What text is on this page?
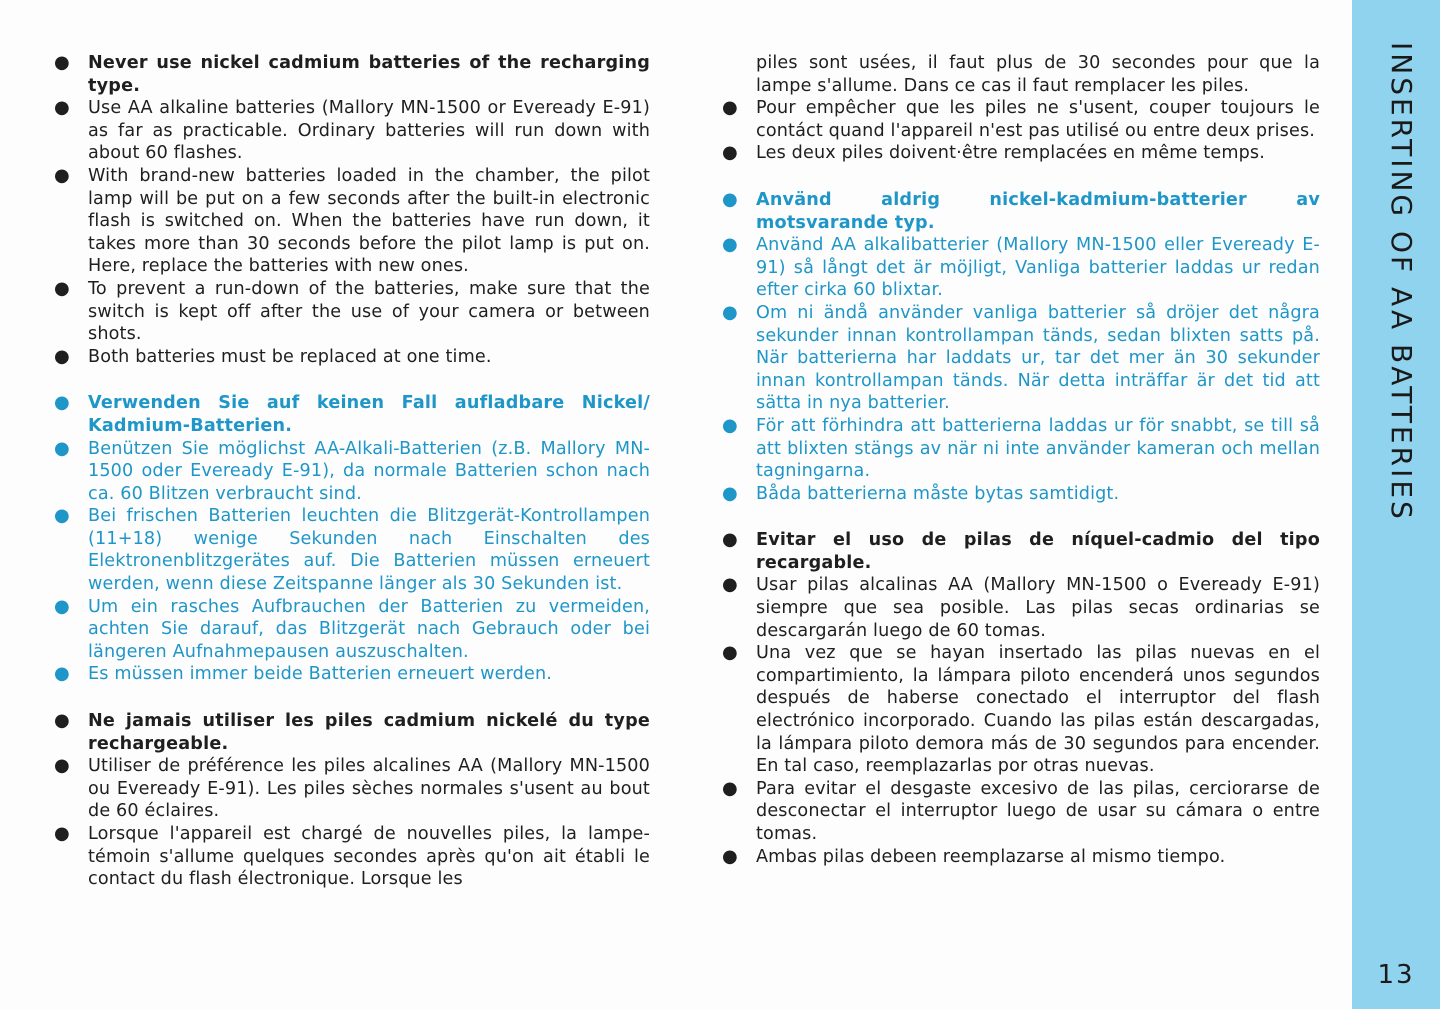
● Never use nickel cadmium batteries of the recharging type.
● Use AA alkaline batteries (Mallory MN-1500 or Eveready E-91) as far as practicable. Ordinary batteries will run down with about 60 flashes.
● With brand-new batteries loaded in the chamber, the pilot lamp will be put on a few seconds after the built-in electronic flash is switched on. When the batteries have run down, it takes more than 30 seconds before the pilot lamp is put on. Here, replace the batteries with new ones.
● To prevent a run-down of the batteries, make sure that the switch is kept off after the use of your camera or between shots.
● Both batteries must be replaced at one time.
● Verwenden Sie auf keinen Fall aufladbare Nickel/ Kadmium-Batterien.
● Benützen Sie möglichst AA-Alkali-Batterien (z.B. Mallory MN-1500 oder Eveready E-91), da normale Batterien schon nach ca. 60 Blitzen verbraucht sind.
● Bei frischen Batterien leuchten die Blitzgerät-Kontrollampen (11+18) wenige Sekunden nach Einschalten des Elektronenblitzgerätes auf. Die Batterien müssen erneuert werden, wenn diese Zeitspanne länger als 30 Sekunden ist.
● Um ein rasches Aufbrauchen der Batterien zu vermeiden, achten Sie darauf, das Blitzgerät nach Gebrauch oder bei längeren Aufnahmepausen auszuschalten.
● Es müssen immer beide Batterien erneuert werden.
● Ne jamais utiliser les piles cadmium nickelé du type rechargeable.
● Utiliser de préférence les piles alcalines AA (Mallory MN-1500 ou Eveready E-91). Les piles sèches normales s'usent au bout de 60 éclaires.
● Lorsque l'appareil est chargé de nouvelles piles, la lampe-témoin s'allume quelques secondes après qu'on ait établi le contact du flash électronique. Lorsque les
piles sont usées, il faut plus de 30 secondes pour que la lampe s'allume. Dans ce cas il faut remplacer les piles.
● Pour empêcher que les piles ne s'usent, couper toujours le contáct quand l'appareil n'est pas utilisé ou entre deux prises.
● Les deux piles doivent·être remplacées en même temps.
● Använd aldrig nickel-kadmium-batterier av motsvarande typ.
● Använd AA alkalibatterier (Mallory MN-1500 eller Eveready E-91) så långt det är möjligt, Vanliga batterier laddas ur redan efter cirka 60 blixtar.
● Om ni ändå använder vanliga batterier så dröjer det några sekunder innan kontrollampan tänds, sedan blixten satts på. När batterierna har laddats ur, tar det mer än 30 sekunder innan kontrollampan tänds. När detta inträffar är det tid att sätta in nya batterier.
● För att förhindra att batterierna laddas ur för snabbt, se till så att blixten stängs av när ni inte använder kameran och mellan tagningarna.
● Båda batterierna måste bytas samtidigt.
● Evitar el uso de pilas de níquel-cadmio del tipo recargable.
● Usar pilas alcalinas AA (Mallory MN-1500 o Eveready E-91) siempre que sea posible. Las pilas secas ordinarias se descargarán luego de 60 tomas.
● Una vez que se hayan insertado las pilas nuevas en el compartimiento, la lámpara piloto encenderá unos segundos después de haberse conectado el interruptor del flash electrónico incorporado. Cuando las pilas están descargadas, la lámpara piloto demora más de 30 segundos para encender. En tal caso, reemplazarlas por otras nuevas.
● Para evitar el desgaste excesivo de las pilas, cerciorarse de desconectar el interruptor luego de usar su cámara o entre tomas.
● Ambas pilas debeen reemplazarse al mismo tiempo.
INSERTING OF AA BATTERIES
13
